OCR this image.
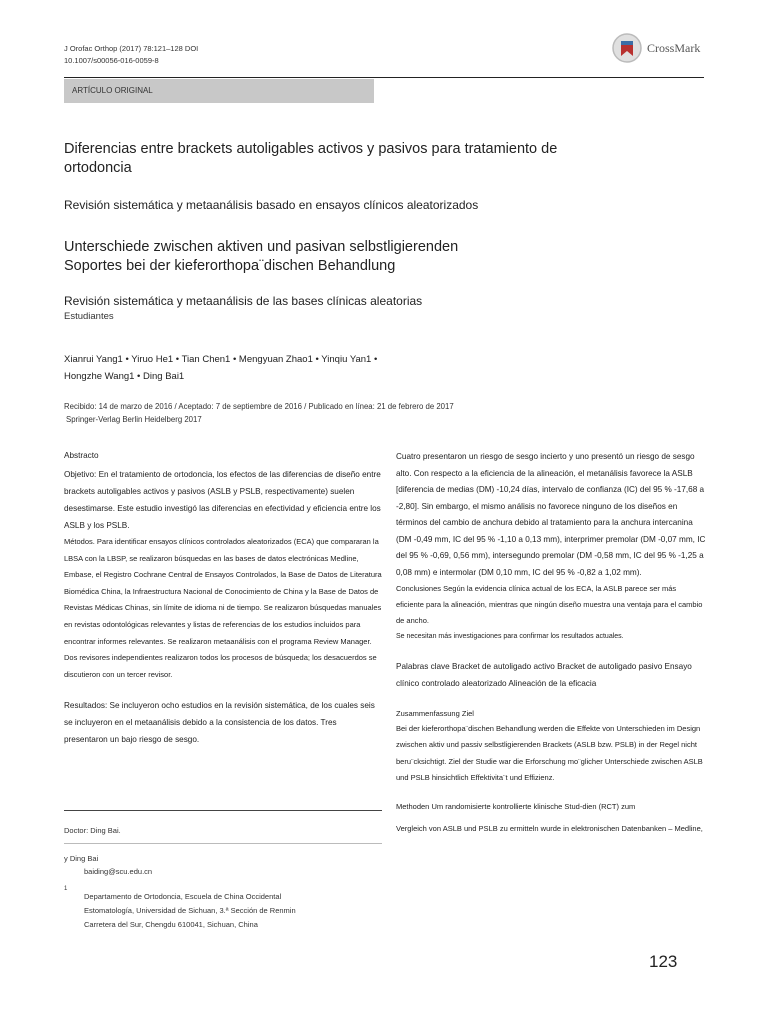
J Orofac Orthop (2017) 78:121–128 DOI
10.1007/s00056-016-0059-8
CrossMark
ARTÍCULO ORIGINAL
Diferencias entre brackets autoligables activos y pasivos para tratamiento de ortodoncia
Revisión sistemática y metaanálisis basado en ensayos clínicos aleatorizados
Unterschiede zwischen aktiven und pasivan selbstligierenden
Soportes bei der kieferorthopa¨dischen Behandlung
Revisión sistemática y metaanálisis de las bases clínicas aleatorias
Estudiantes
Xianrui Yang1 • Yiruo He1 • Tian Chen1 • Mengyuan Zhao1 • Yinqiu Yan1 •
Hongzhe Wang1 • Ding Bai1
Recibido: 14 de marzo de 2016 / Aceptado: 7 de septiembre de 2016 / Publicado en línea: 21 de febrero de 2017
Springer-Verlag Berlin Heidelberg 2017

Abstracto

Objetivo: En el tratamiento de ortodoncia, los efectos de las diferencias de diseño entre brackets autoligables activos y pasivos (ASLB y PSLB, respectivamente) suelen desestimarse. Este estudio investigó las diferencias en efectividad y eficiencia entre los ASLB y los PSLB.

Métodos. Para identificar ensayos clínicos controlados aleatorizados (ECA) que compararan la LBSA con la LBSP, se realizaron búsquedas en las bases de datos electrónicas Medline, Embase, el Registro Cochrane Central de Ensayos Controlados, la Base de Datos de Literatura Biomédica China, la Infraestructura Nacional de Conocimiento de China y la Base de Datos de Revistas Médicas Chinas, sin límite de idioma ni de tiempo. Se realizaron búsquedas manuales en revistas odontológicas relevantes y listas de referencias de los estudios incluidos para encontrar informes relevantes. Se realizaron metaanálisis con el programa Review Manager. Dos revisores independientes realizaron todos los procesos de búsqueda; los desacuerdos se discutieron con un tercer revisor.

Resultados: Se incluyeron ocho estudios en la revisión sistemática, de los cuales seis se incluyeron en el metaanálisis debido a la consistencia de los datos. Tres presentaron un bajo riesgo de sesgo.

Doctor: Ding Bai.
y Ding Bai
baiding@scu.edu.cn
1
Departamento de Ortodoncia, Escuela de China Occidental Estomatología, Universidad de Sichuan, 3.ª Sección de Renmin Carretera del Sur, Chengdu 610041, Sichuan, China

Cuatro presentaron un riesgo de sesgo incierto y uno presentó un riesgo de sesgo alto. Con respecto a la eficiencia de la alineación, el metanálisis favorece la ASLB [diferencia de medias (DM) -10,24 días, intervalo de confianza (IC) del 95 % -17,68 a -2,80]. Sin embargo, el mismo análisis no favorece ninguno de los diseños en términos del cambio de anchura debido al tratamiento para la anchura intercanina (DM -0,49 mm, IC del 95 % -1,10 a 0,13 mm), interprimer premolar (DM -0,07 mm, IC del 95 % -0,69, 0,56 mm), intersegundo premolar (DM -0,58 mm, IC del 95 % -1,25 a 0,08 mm) e intermolar (DM 0,10 mm, IC del 95 % -0,82 a 1,02 mm).

Conclusiones Según la evidencia clínica actual de los ECA, la ASLB parece ser más eficiente para la alineación, mientras que ningún diseño muestra una ventaja para el cambio de ancho.

Se necesitan más investigaciones para confirmar los resultados actuales.

Palabras clave Bracket de autoligado activo Bracket de autoligado pasivo Ensayo clínico controlado aleatorizado Alineación de la eficacia

Zusammenfassung Ziel

Bei der kieferorthopa¨dischen Behandlung werden die Effekte von Unterschieden im Design zwischen aktiv und passiv selbstligierenden Brackets (ASLB bzw. PSLB) in der Regel nicht beru¨cksichtigt. Ziel der Studie war die Erforschung mo¨glicher Unterschiede zwischen ASLB und PSLB hinsichtlich Effektivita¨t und Effizienz.

Methoden Um randomisierte kontrollierte klinische Stud-dien (RCT) zum

Vergleich von ASLB und PSLB zu ermitteln wurde in elektronischen Datenbanken – Medline,

123
